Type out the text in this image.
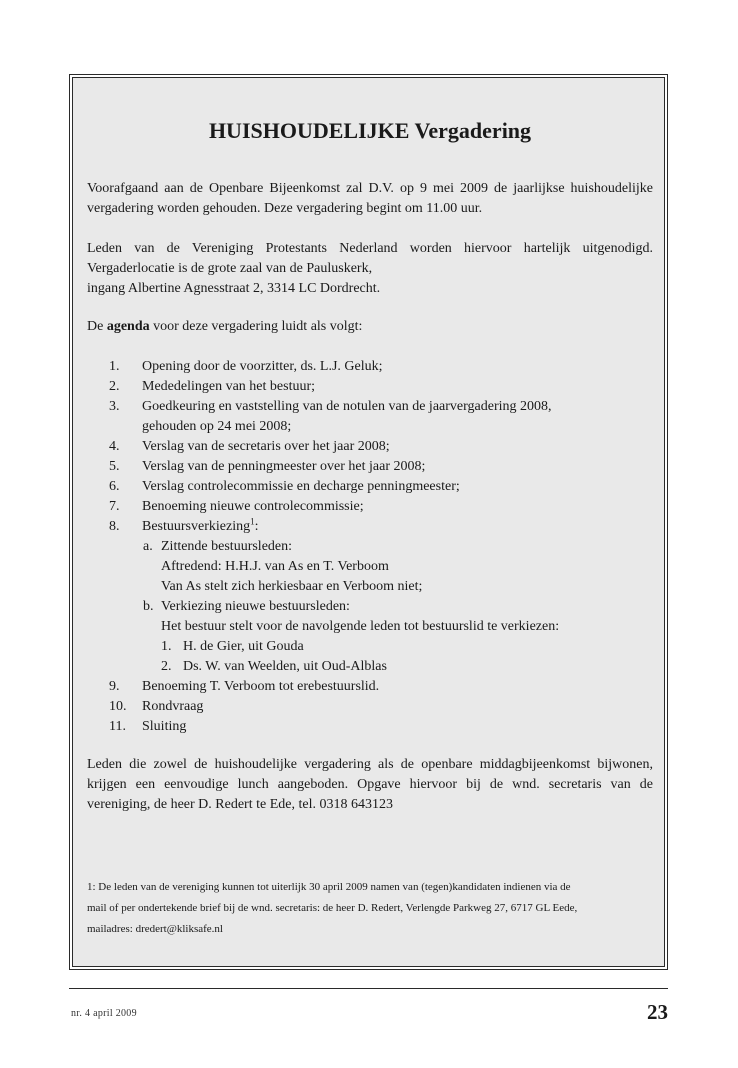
HUISHOUDELIJKE Vergadering
Voorafgaand aan de Openbare Bijeenkomst zal D.V. op 9 mei 2009 de jaarlijkse huishoudelijke
vergadering worden gehouden. Deze vergadering begint om 11.00 uur.
Leden van de Vereniging Protestants Nederland worden hiervoor hartelijk uitgenodigd.
Vergaderlocatie is de grote zaal van de Pauluskerk,
ingang Albertine Agnesstraat 2, 3314 LC Dordrecht.
De agenda voor deze vergadering luidt als volgt:
1.	Opening door de voorzitter, ds. L.J. Geluk;
2.	Mededelingen van het bestuur;
3.	Goedkeuring en vaststelling van de notulen van de jaarvergadering 2008,
gehouden op 24 mei 2008;
4.	Verslag van de secretaris over het jaar 2008;
5.	Verslag van de penningmeester over het jaar 2008;
6.	Verslag controlecommissie en decharge penningmeester;
7.	Benoeming nieuwe controlecommissie;
8.	Bestuursverkiezing$^1$:
a. Zittende bestuursleden:
Aftredend: H.H.J. van As en T. Verboom
Van As stelt zich herkiesbaar en Verboom niet;
b. Verkiezing nieuwe bestuursleden:
Het bestuur stelt voor de navolgende leden tot bestuurslid te verkiezen:
1. H. de Gier, uit Gouda
2. Ds. W. van Weelden, uit Oud-Alblas
9.	Benoeming T. Verboom tot erebestuurslid.
10.	Rondvraag
11.	Sluiting
Leden die zowel de huishoudelijke vergadering als de openbare middagbijeenkomst bijwonen,
krijgen een eenvoudige lunch aangeboden. Opgave hiervoor bij de wnd. secretaris van de
vereniging, de heer D. Redert te Ede, tel. 0318 643123
1: De leden van de vereniging kunnen tot uiterlijk 30 april 2009 namen van (tegen)kandidaten indienen via de
mail of per ondertekende brief bij de wnd. secretaris: de heer D. Redert, Verlengde Parkweg 27, 6717 GL Eede,
mailadres: dredert@kliksafe.nl
nr. 4 april 2009	23
